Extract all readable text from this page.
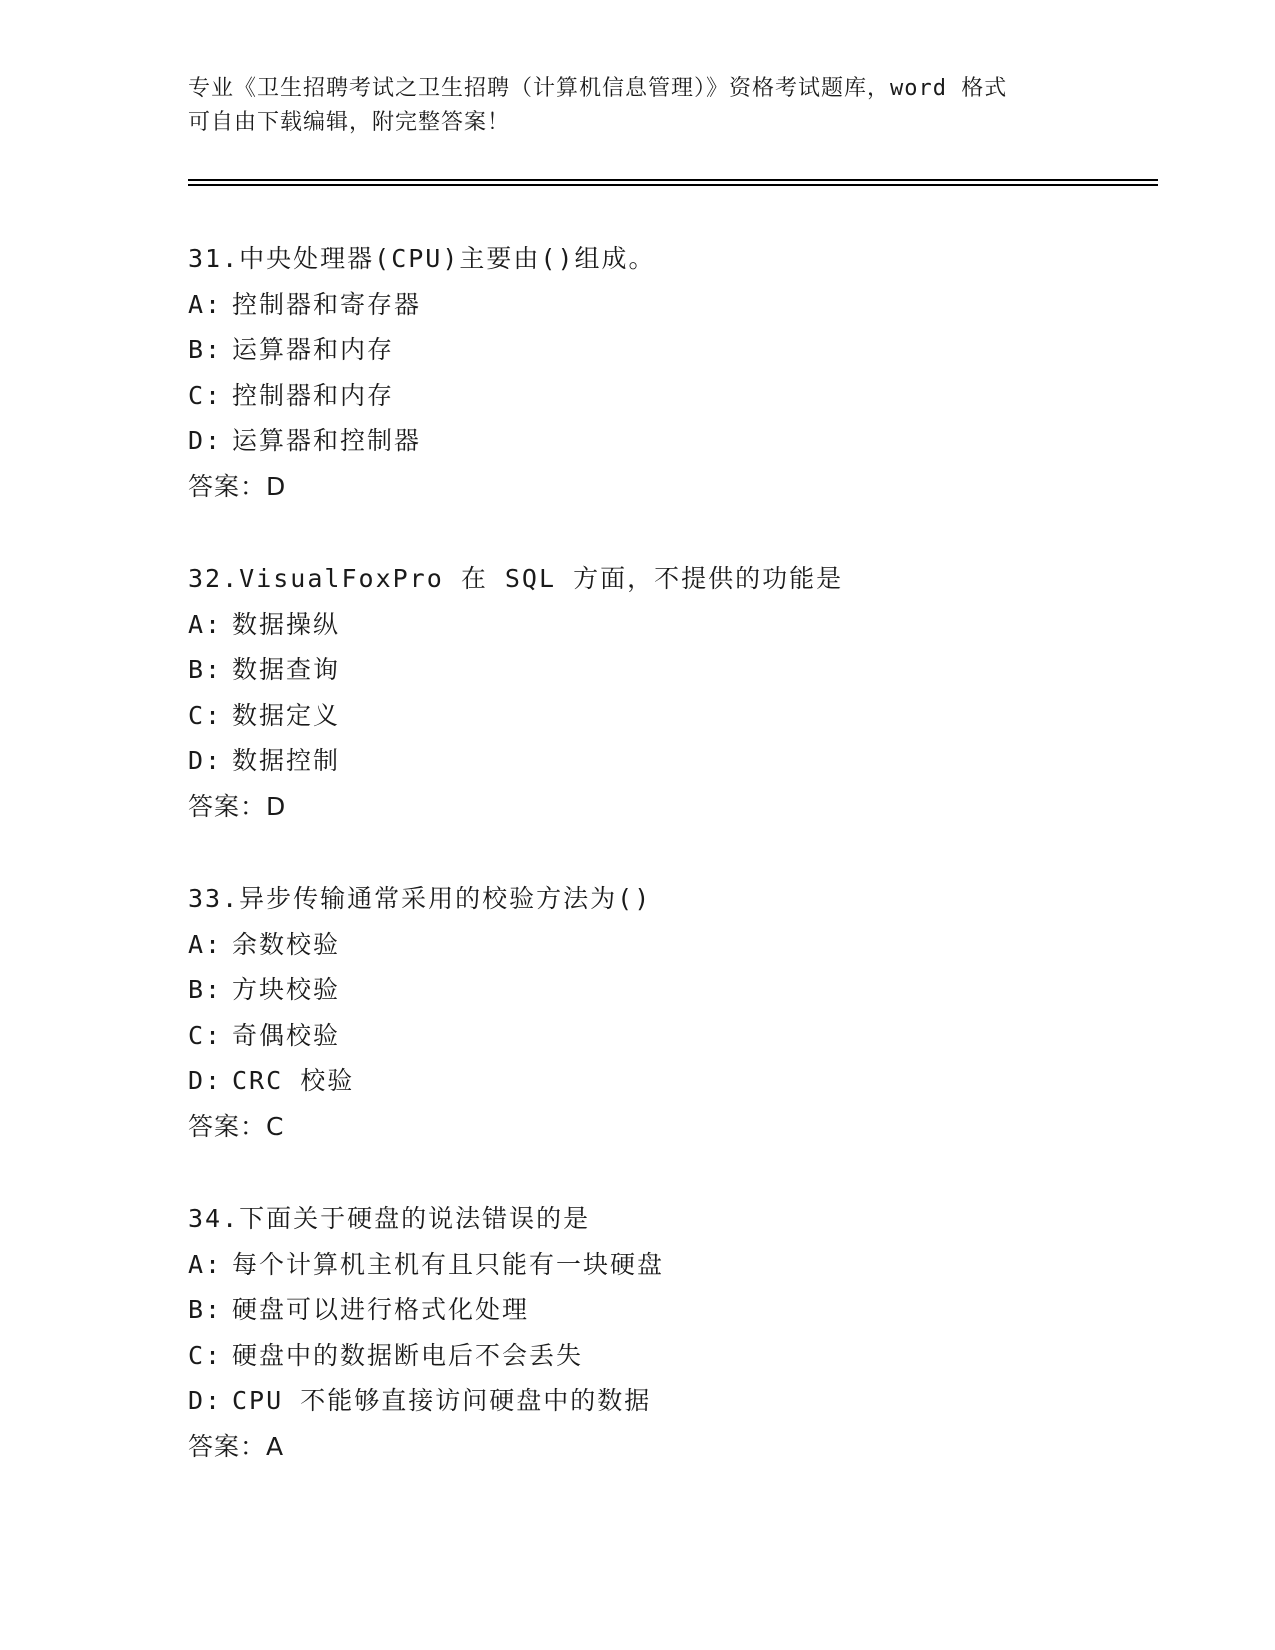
专业《卫生招聘考试之卫生招聘（计算机信息管理）》资格考试题库，word 格式
可自由下载编辑，附完整答案！
31.中央处理器(CPU)主要由()组成。
A: 控制器和寄存器
B: 运算器和内存
C: 控制器和内存
D: 运算器和控制器
答案：D
32.VisualFoxPro 在 SQL 方面，不提供的功能是
A: 数据操纵
B: 数据查询
C: 数据定义
D: 数据控制
答案：D
33.异步传输通常采用的校验方法为()
A: 余数校验
B: 方块校验
C: 奇偶校验
D: CRC 校验
答案：C
34.下面关于硬盘的说法错误的是
A: 每个计算机主机有且只能有一块硬盘
B: 硬盘可以进行格式化处理
C: 硬盘中的数据断电后不会丢失
D: CPU 不能够直接访问硬盘中的数据
答案：A
